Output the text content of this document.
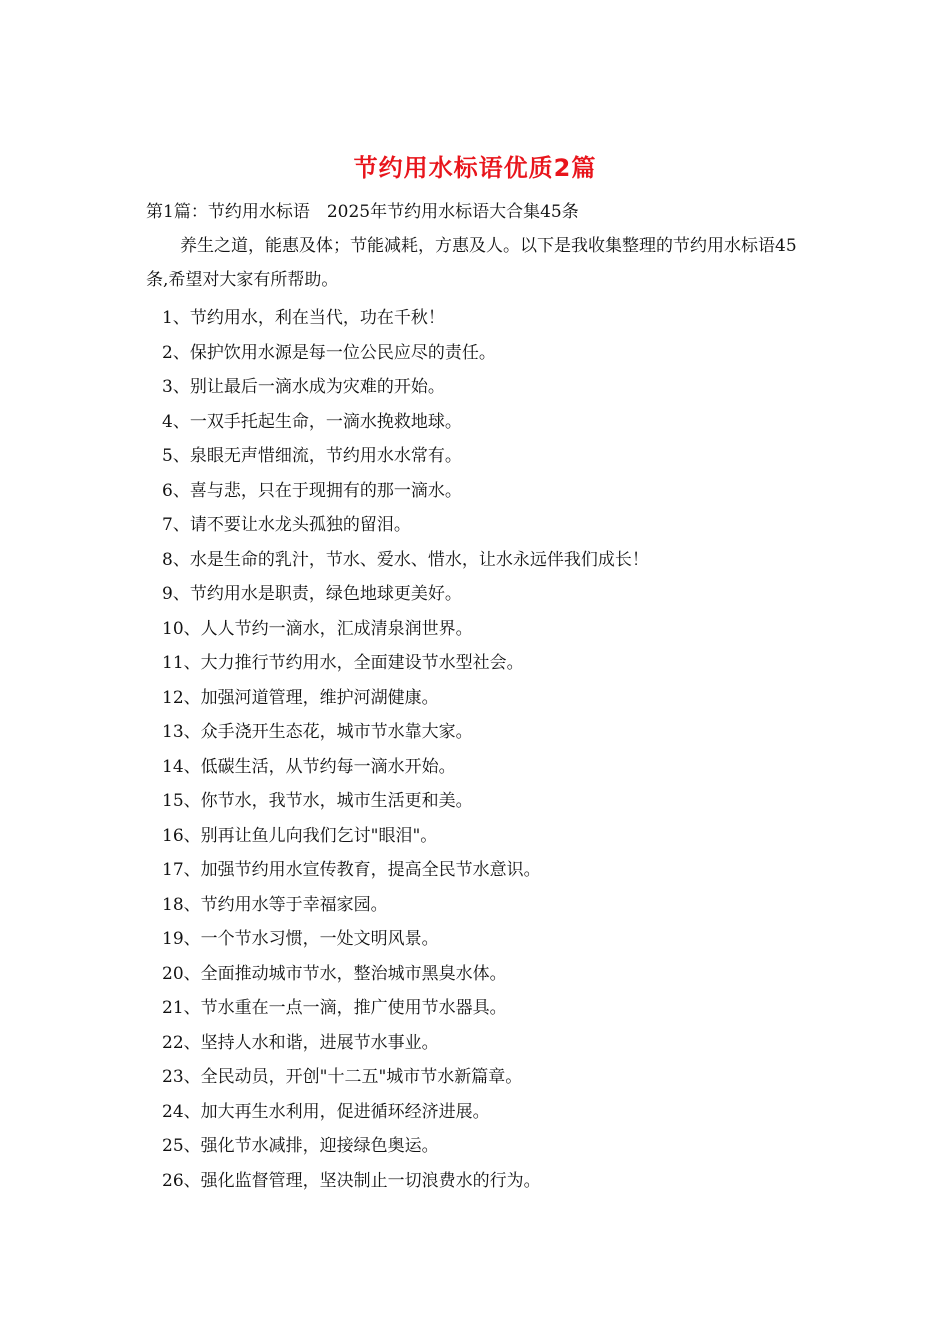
节约用水标语优质2篇
第1篇：节约用水标语　2025年节约用水标语大合集45条
养生之道，能惠及体；节能减耗，方惠及人。以下是我收集整理的节约用水标语45条,希望对大家有所帮助。
1、节约用水，利在当代，功在千秋！
2、保护饮用水源是每一位公民应尽的责任。
3、别让最后一滴水成为灾难的开始。
4、一双手托起生命，一滴水挽救地球。
5、泉眼无声惜细流，节约用水水常有。
6、喜与悲，只在于现拥有的那一滴水。
7、请不要让水龙头孤独的留泪。
8、水是生命的乳汁，节水、爱水、惜水，让水永远伴我们成长！
9、节约用水是职责，绿色地球更美好。
10、人人节约一滴水，汇成清泉润世界。
11、大力推行节约用水，全面建设节水型社会。
12、加强河道管理，维护河湖健康。
13、众手浇开生态花，城市节水靠大家。
14、低碳生活，从节约每一滴水开始。
15、你节水，我节水，城市生活更和美。
16、别再让鱼儿向我们乞讨"眼泪"。
17、加强节约用水宣传教育，提高全民节水意识。
18、节约用水等于幸福家园。
19、一个节水习惯，一处文明风景。
20、全面推动城市节水，整治城市黑臭水体。
21、节水重在一点一滴，推广使用节水器具。
22、坚持人水和谐，进展节水事业。
23、全民动员，开创"十二五"城市节水新篇章。
24、加大再生水利用，促进循环经济进展。
25、强化节水减排，迎接绿色奥运。
26、强化监督管理，坚决制止一切浪费水的行为。
